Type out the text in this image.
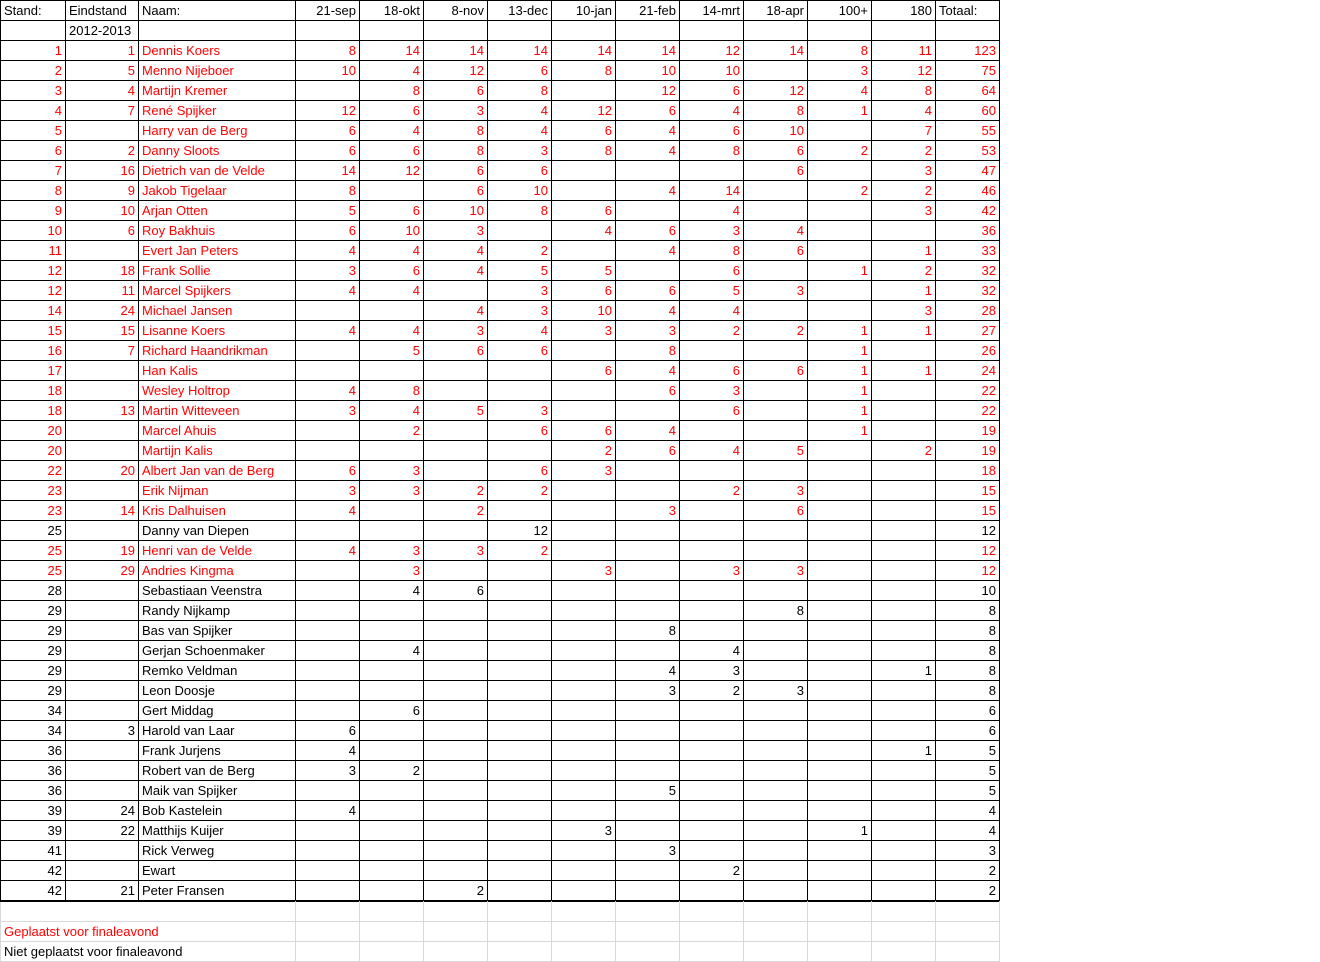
Stand:	Eindstand	Naam:	21-sep	18-okt	8-nov	13-dec	10-jan	21-feb	14-mrt	18-apr	100+	180	Totaal:
	2012-2013												
1	1	Dennis Koers	8	14	14	14	14	14	12	14	8	11	123
2	5	Menno Nijeboer	10	4	12	6	8	10	10		3	12	75
3	4	Martijn Kremer		8	6	8		12	6	12	4	8	64
4	7	René Spijker	12	6	3	4	12	6	4	8	1	4	60
5		Harry van de Berg	6	4	8	4	6	4	6	10		7	55
6	2	Danny Sloots	6	6	8	3	8	4	8	6	2	2	53
7	16	Dietrich van de Velde	14	12	6	6				6		3	47
8	9	Jakob Tigelaar	8		6	10		4	14		2	2	46
9	10	Arjan Otten	5	6	10	8	6		4			3	42
10	6	Roy Bakhuis	6	10	3		4	6	3	4			36
11		Evert Jan Peters	4	4	4	2		4	8	6		1	33
12	18	Frank Sollie	3	6	4	5	5		6		1	2	32
12	11	Marcel Spijkers	4	4		3	6	6	5	3		1	32
14	24	Michael Jansen			4	3	10	4	4			3	28
15	15	Lisanne Koers	4	4	3	4	3	3	2	2	1	1	27
16	7	Richard Haandrikman		5	6	6		8			1		26
17		Han Kalis					6	4	6	6	1	1	24
18		Wesley Holtrop	4	8				6	3		1		22
18	13	Martin Witteveen	3	4	5	3			6		1		22
20		Marcel Ahuis		2		6	6	4			1		19
20		Martijn Kalis					2	6	4	5		2	19
22	20	Albert Jan van de Berg	6	3		6	3						18
23		Erik Nijman	3	3	2	2			2	3			15
23	14	Kris Dalhuisen	4		2			3		6			15
25		Danny van Diepen				12							12
25	19	Henri van de Velde	4	3	3	2							12
25	29	Andries Kingma		3			3		3	3			12
28		Sebastiaan Veenstra		4	6								10
29		Randy Nijkamp								8			8
29		Bas van Spijker						8					8
29		Gerjan Schoenmaker		4					4				8
29		Remko Veldman						4	3			1	8
29		Leon Doosje						3	2	3			8
34		Gert Middag		6									6
34	3	Harold van Laar	6										6
36		Frank Jurjens	4									1	5
36		Robert van de Berg	3	2									5
36		Maik van Spijker						5					5
39	24	Bob Kastelein	4										4
39	22	Matthijs Kuijer					3				1		4
41		Rick Verweg						3					3
42		Ewart							2				2
42	21	Peter Fransen			2								2

Geplaatst voor finaleavond											
Niet geplaatst voor finaleavond											
